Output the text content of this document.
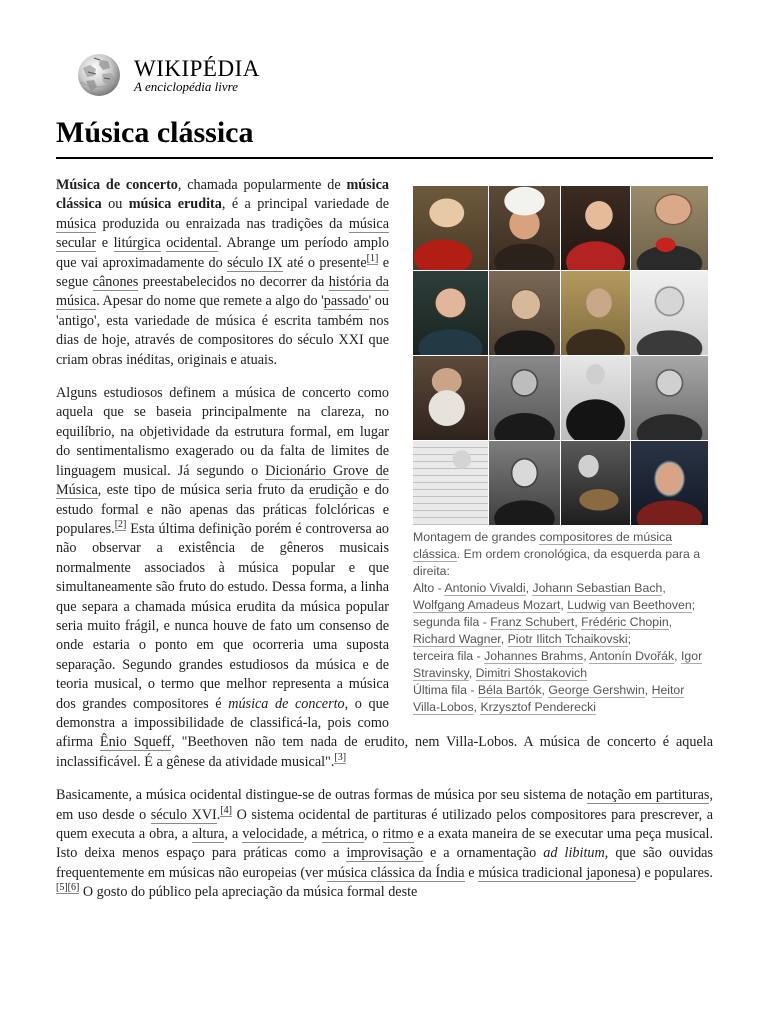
WIKIPÉDIA
A enciclopédia livre
Música clássica
Montagem de grandes compositores de música clássica. Em ordem cronológica, da esquerda para a direita:
Alto - Antonio Vivaldi, Johann Sebastian Bach, Wolfgang Amadeus Mozart, Ludwig van Beethoven;
segunda fila - Franz Schubert, Frédéric Chopin, Richard Wagner, Piotr Ilitch Tchaikovski;
terceira fila - Johannes Brahms, Antonín Dvořák, Igor Stravinsky, Dimitri Shostakovich
Última fila - Béla Bartók, George Gershwin, Heitor Villa-Lobos, Krzysztof Penderecki

Música de concerto, chamada popularmente de música clássica ou música erudita, é a principal variedade de música produzida ou enraizada nas tradições da música secular e litúrgica ocidental. Abrange um período amplo que vai aproximadamente do século IX até o presente[1] e segue cânones preestabelecidos no decorrer da história da música. Apesar do nome que remete a algo do 'passado' ou 'antigo', esta variedade de música é escrita também nos dias de hoje, através de compositores do século XXI que criam obras inéditas, originais e atuais.

Alguns estudiosos definem a música de concerto como aquela que se baseia principalmente na clareza, no equilíbrio, na objetividade da estrutura formal, em lugar do sentimentalismo exagerado ou da falta de limites de linguagem musical. Já segundo o Dicionário Grove de Música, este tipo de música seria fruto da erudição e do estudo formal e não apenas das práticas folclóricas e populares.[2] Esta última definição porém é controversa ao não observar a existência de gêneros musicais normalmente associados à música popular e que simultaneamente são fruto do estudo. Dessa forma, a linha que separa a chamada música erudita da música popular seria muito frágil, e nunca houve de fato um consenso de onde estaria o ponto em que ocorreria uma suposta separação. Segundo grandes estudiosos da música e de teoria musical, o termo que melhor representa a música dos grandes compositores é música de concerto, o que demonstra a impossibilidade de classificá-la, pois como afirma Ênio Squeff, "Beethoven não tem nada de erudito, nem Villa-Lobos. A música de concerto é aquela inclassificável. É a gênese da atividade musical".[3]

Basicamente, a música ocidental distingue-se de outras formas de música por seu sistema de notação em partituras, em uso desde o século XVI.[4] O sistema ocidental de partituras é utilizado pelos compositores para prescrever, a quem executa a obra, a altura, a velocidade, a métrica, o ritmo e a exata maneira de se executar uma peça musical. Isto deixa menos espaço para práticas como a improvisação e a ornamentação ad libitum, que são ouvidas frequentemente em músicas não europeias (ver música clássica da Índia e música tradicional japonesa) e populares.[5][6] O gosto do público pela apreciação da música formal deste
